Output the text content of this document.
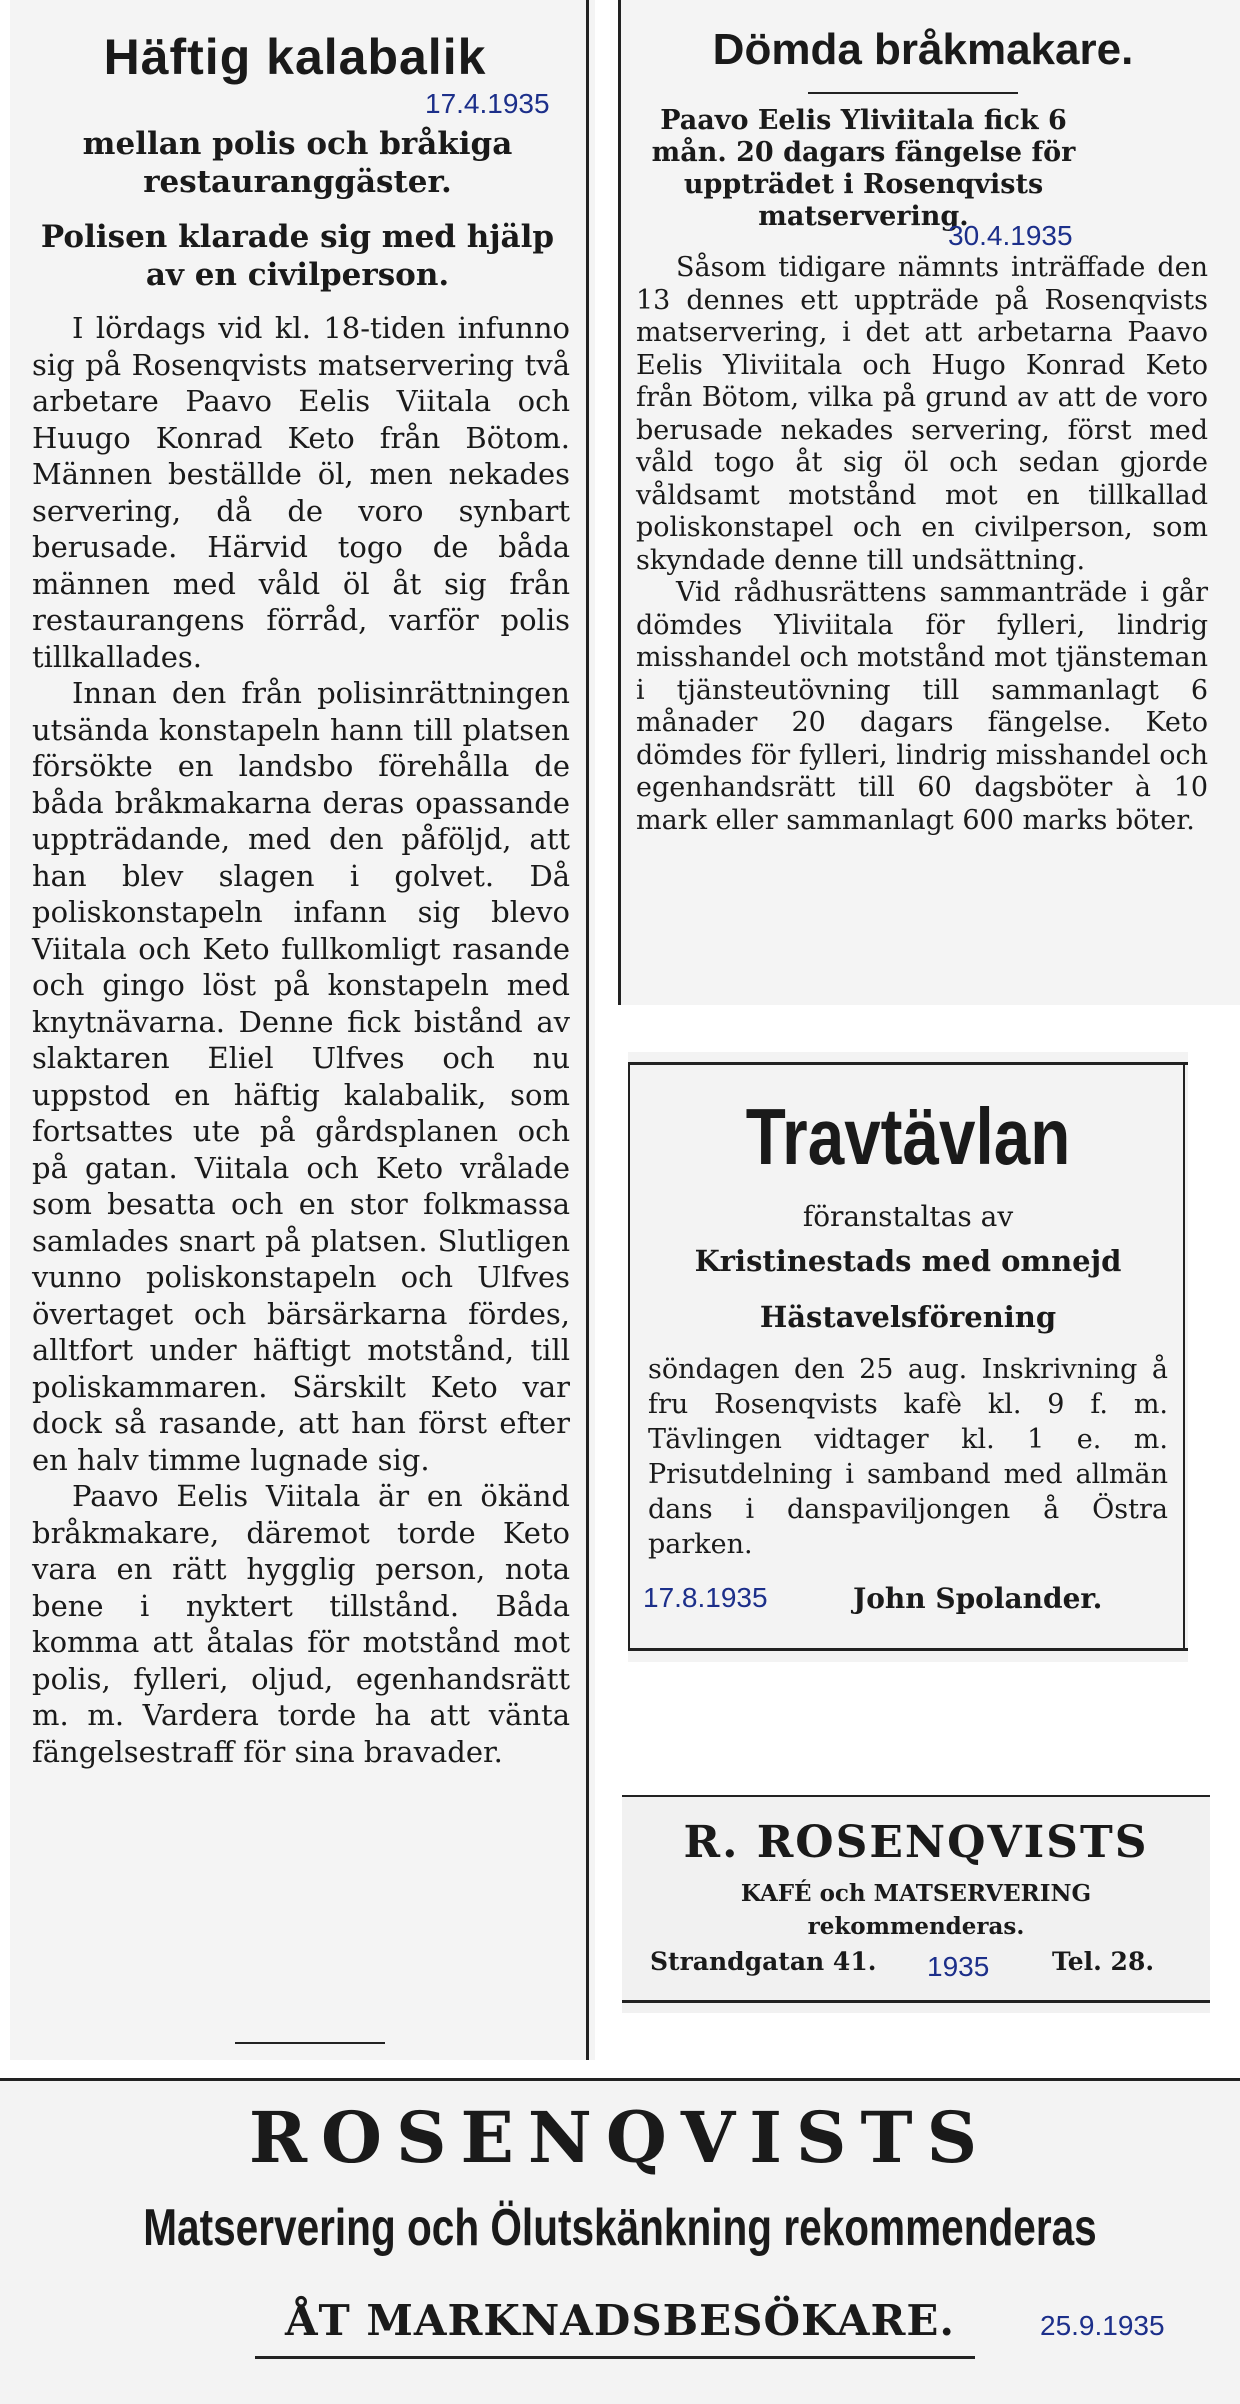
Häftig kalabalik
17.4.1935
mellan polis och bråkiga restauranggäster.
Polisen klarade sig med hjälp av en civilperson.

I lördags vid kl. 18-tiden infunno sig på Rosenqvists matservering två arbetare Paavo Eelis Viitala och Huugo Konrad Keto från Bötom. Männen beställde öl, men nekades servering, då de voro synbart berusade. Härvid togo de båda männen med våld öl åt sig från restaurangens förråd, varför polis tillkallades.

Innan den från polisinrättningen utsända konstapeln hann till platsen försökte en landsbo förehålla de båda bråkmakarna deras opassande uppträdande, med den påföljd, att han blev slagen i golvet. Då poliskonstapeln infann sig blevo Viitala och Keto fullkomligt rasande och gingo löst på konstapeln med knytnävarna. Denne fick bistånd av slaktaren Eliel Ulfves och nu uppstod en häftig kalabalik, som fortsattes ute på gårdsplanen och på gatan. Viitala och Keto vrålade som besatta och en stor folkmassa samlades snart på platsen. Slutligen vunno poliskonstapeln och Ulfves övertaget och bärsärkarna fördes, alltfort under häftigt motstånd, till poliskammaren. Särskilt Keto var dock så rasande, att han först efter en halv timme lugnade sig.

Paavo Eelis Viitala är en ökänd bråkmakare, däremot torde Keto vara en rätt hygglig person, nota bene i nyktert tillstånd. Båda komma att åtalas för motstånd mot polis, fylleri, oljud, egenhandsrätt m. m. Vardera torde ha att vänta fängelsestraff för sina bravader.

Dömda bråkmakare.
Paavo Eelis Yliviitala fick 6 mån. 20 dagars fängelse för uppträdet i Rosenqvists matservering.
30.4.1935

Såsom tidigare nämnts inträffade den 13 dennes ett uppträde på Rosenqvists matservering, i det att arbetarna Paavo Eelis Yliviitala och Hugo Konrad Keto från Bötom, vilka på grund av att de voro berusade nekades servering, först med våld togo åt sig öl och sedan gjorde våldsamt motstånd mot en tillkallad poliskonstapel och en civilperson, som skyndade denne till undsättning.

Vid rådhusrättens sammanträde i går dömdes Yliviitala för fylleri, lindrig misshandel och motstånd mot tjänsteman i tjänsteutövning till sammanlagt 6 månader 20 dagars fängelse. Keto dömdes för fylleri, lindrig misshandel och egenhandsrätt till 60 dagsböter à 10 mark eller sammanlagt 600 marks böter.

Travtävlan
föranstaltas av
Kristinestads med omnejd
Hästavelsförening
söndagen den 25 aug. Inskrivning å fru Rosenqvists kafè kl. 9 f. m. Tävlingen vidtager kl. 1 e. m. Prisutdelning i samband med allmän dans i danspaviljongen å Östra parken.
17.8.1935	John Spolander.
R. ROSENQVISTS
KAFÉ och MATSERVERING
rekommenderas.
Strandgatan 41. 1935	Tel. 28.
ROSENQVISTS
Matservering och Ölutskänkning rekommenderas
ÅT MARKNADSBESÖKARE.	25.9.1935
